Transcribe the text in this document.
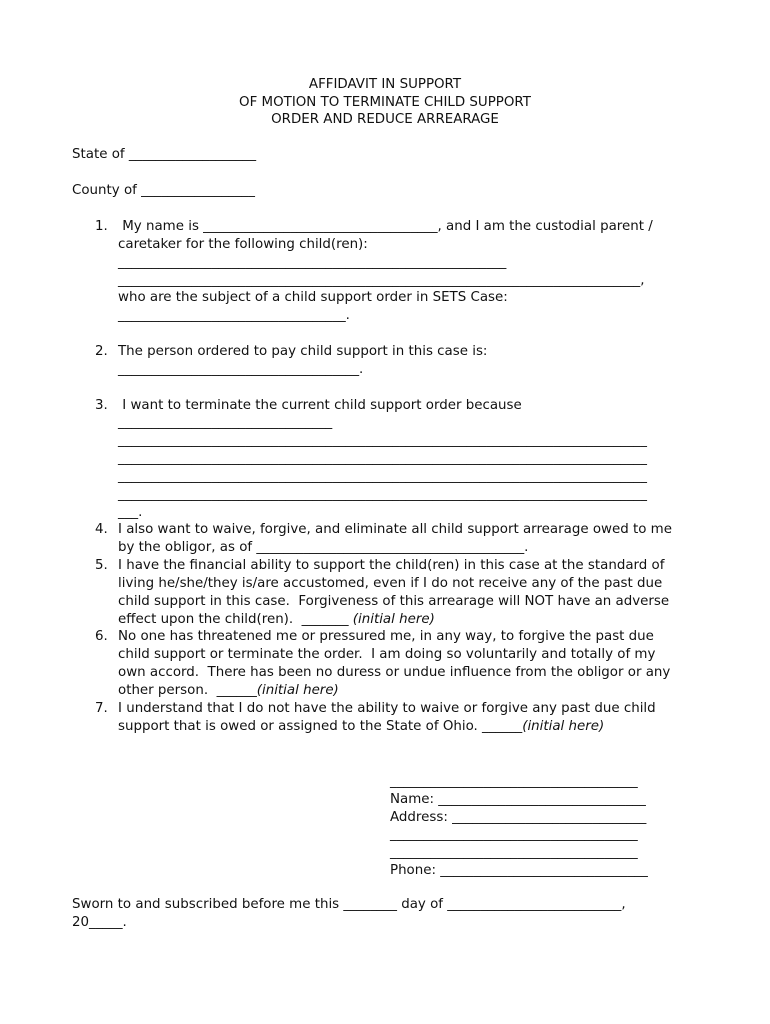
AFFIDAVIT IN SUPPORT
OF MOTION TO TERMINATE CHILD SUPPORT
ORDER AND REDUCE ARREARAGE
State of ___________________
County of _________________
1. My name is ___________________________________, and I am the custodial parent /
caretaker for the following child(ren):
__________________________________________________________
______________________________________________________________________________,
who are the subject of a child support order in SETS Case:
__________________________________.
2. The person ordered to pay child support in this case is:
____________________________________.
3. I want to terminate the current child support order because
________________________________
_______________________________________________________________________________
_______________________________________________________________________________
_______________________________________________________________________________
_______________________________________________________________________________
___.
4. I also want to waive, forgive, and eliminate all child support arrearage owed to me
by the obligor, as of ________________________________________.
5. I have the financial ability to support the child(ren) in this case at the standard of
living he/she/they is/are accustomed, even if I do not receive any of the past due
child support in this case.  Forgiveness of this arrearage will NOT have an adverse
effect upon the child(ren).  _______ (initial here)
6. No one has threatened me or pressured me, in any way, to forgive the past due
child support or terminate the order.  I am doing so voluntarily and totally of my
own accord.  There has been no duress or undue influence from the obligor or any
other person.  ______(initial here)
7. I understand that I do not have the ability to waive or forgive any past due child
support that is owed or assigned to the State of Ohio. ______(initial here)
_____________________________________
Name: _______________________________
Address: _____________________________
_____________________________________
_____________________________________
Phone: _______________________________
Sworn to and subscribed before me this ________ day of __________________________,
20_____.
